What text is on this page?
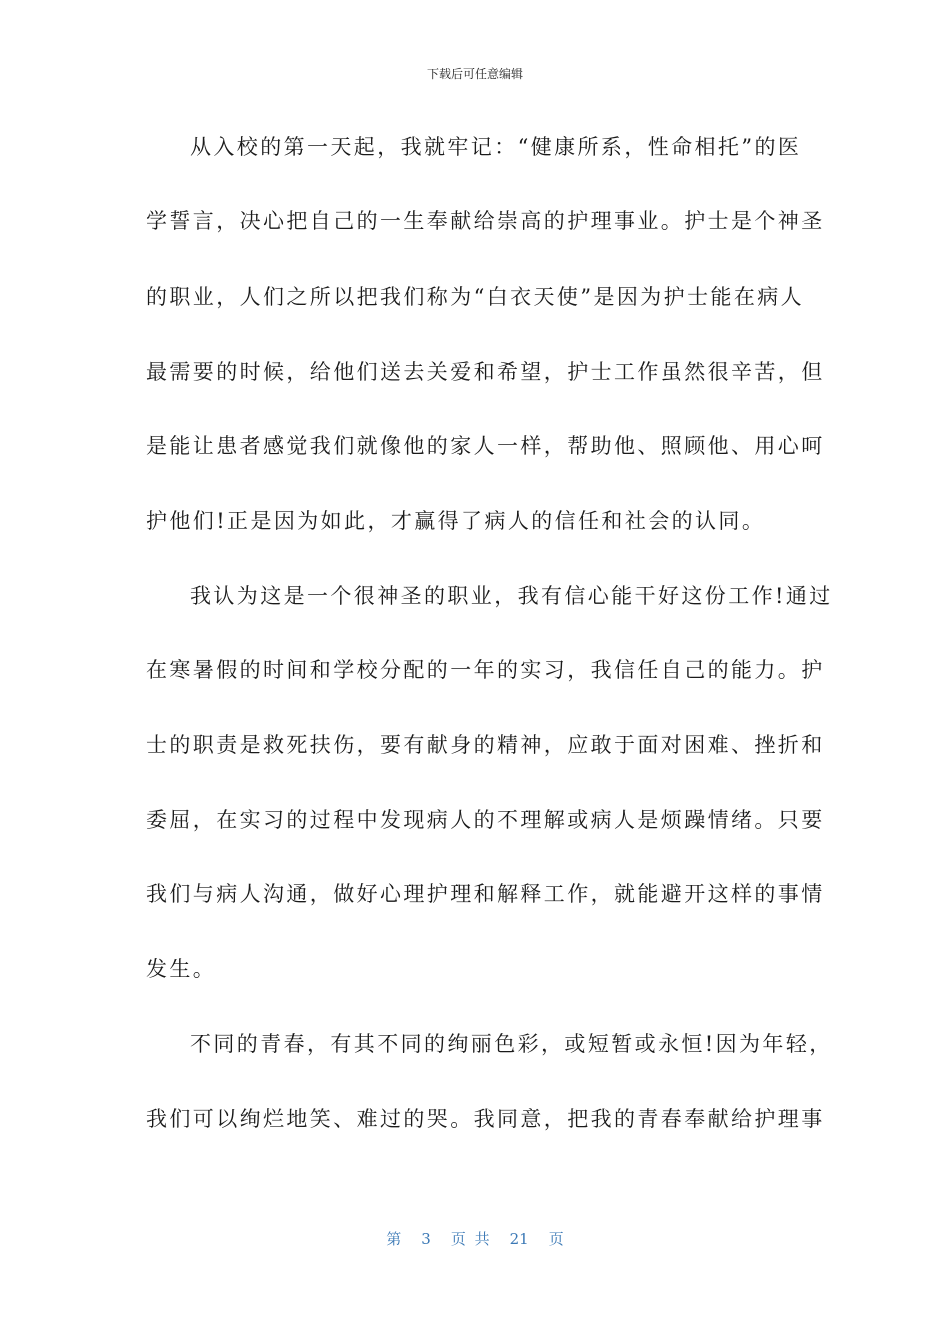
下载后可任意编辑
从入校的第一天起，我就牢记：“健康所系，性命相托”的医
学誓言，决心把自己的一生奉献给崇高的护理事业。护士是个神圣
的职业，人们之所以把我们称为“白衣天使”是因为护士能在病人
最需要的时候，给他们送去关爱和希望，护士工作虽然很辛苦，但
是能让患者感觉我们就像他的家人一样，帮助他、照顾他、用心呵
护他们!正是因为如此，才赢得了病人的信任和社会的认同。
我认为这是一个很神圣的职业，我有信心能干好这份工作!通过
在寒暑假的时间和学校分配的一年的实习，我信任自己的能力。护
士的职责是救死扶伤，要有献身的精神，应敢于面对困难、挫折和
委屈，在实习的过程中发现病人的不理解或病人是烦躁情绪。只要
我们与病人沟通，做好心理护理和解释工作，就能避开这样的事情
发生。
不同的青春，有其不同的绚丽色彩，或短暂或永恒!因为年轻，
我们可以绚烂地笑、难过的哭。我同意，把我的青春奉献给护理事
第 3 页 共 21 页
